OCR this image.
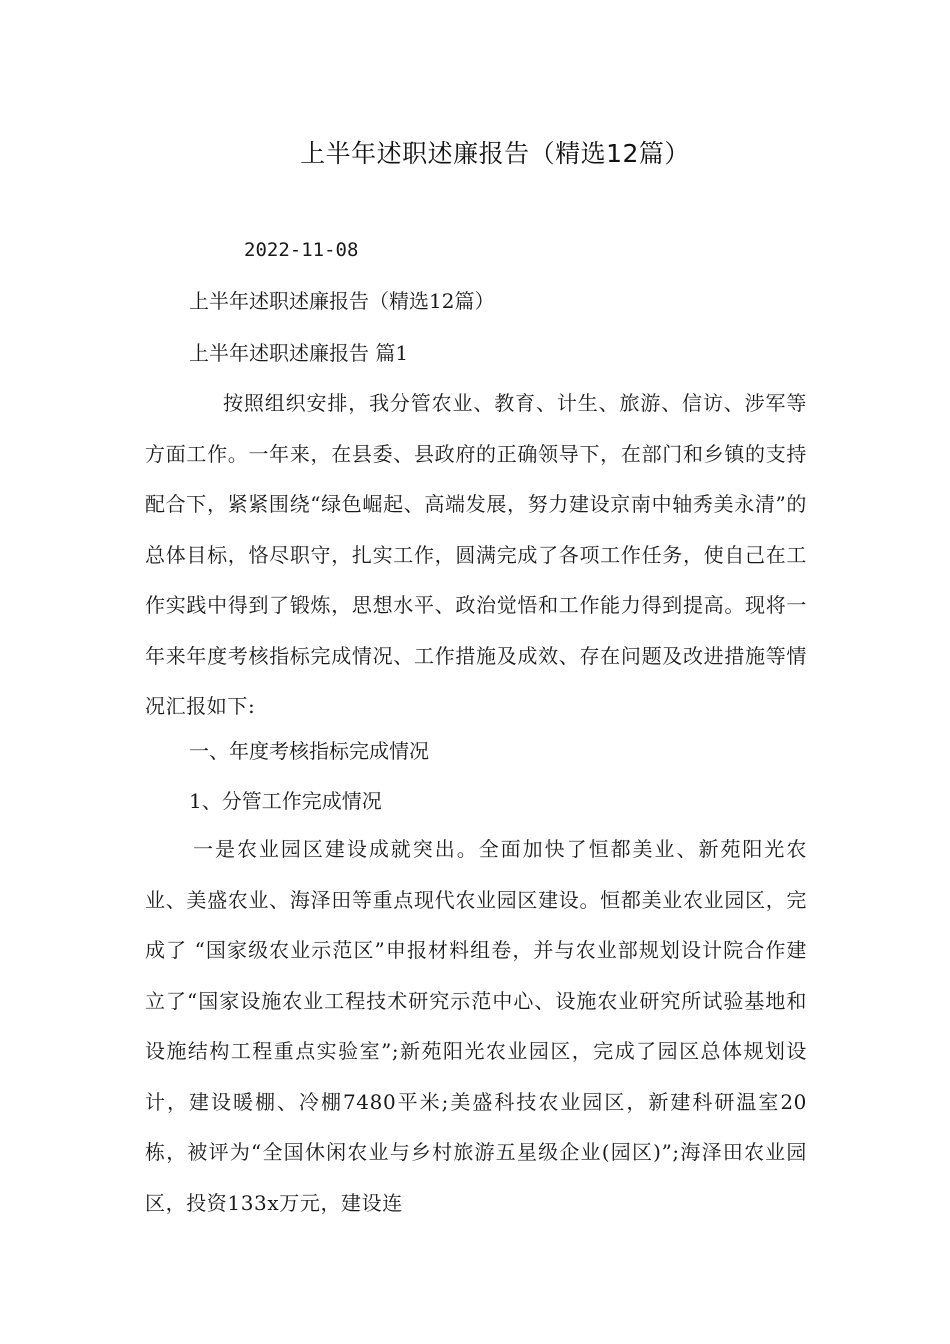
上半年述职述廉报告（精选12篇）
2022-11-08
上半年述职述廉报告（精选12篇）
上半年述职述廉报告 篇1
按照组织安排，我分管农业、教育、计生、旅游、信访、涉军等方面工作。一年来，在县委、县政府的正确领导下，在部门和乡镇的支持配合下，紧紧围绕“绿色崛起、高端发展，努力建设京南中轴秀美永清”的总体目标，恪尽职守，扎实工作，圆满完成了各项工作任务，使自己在工作实践中得到了锻炼，思想水平、政治觉悟和工作能力得到提高。现将一年来年度考核指标完成情况、工作措施及成效、存在问题及改进措施等情况汇报如下:
一、年度考核指标完成情况
1、分管工作完成情况
一是农业园区建设成就突出。全面加快了恒都美业、新苑阳光农业、美盛农业、海泽田等重点现代农业园区建设。恒都美业农业园区，完成了 “国家级农业示范区”申报材料组卷，并与农业部规划设计院合作建立了“国家设施农业工程技术研究示范中心、设施农业研究所试验基地和设施结构工程重点实验室”;新苑阳光农业园区，完成了园区总体规划设计，建设暖棚、冷棚7480平米;美盛科技农业园区，新建科研温室20栋，被评为“全国休闲农业与乡村旅游五星级企业(园区)”;海泽田农业园区，投资133x万元，建设连
